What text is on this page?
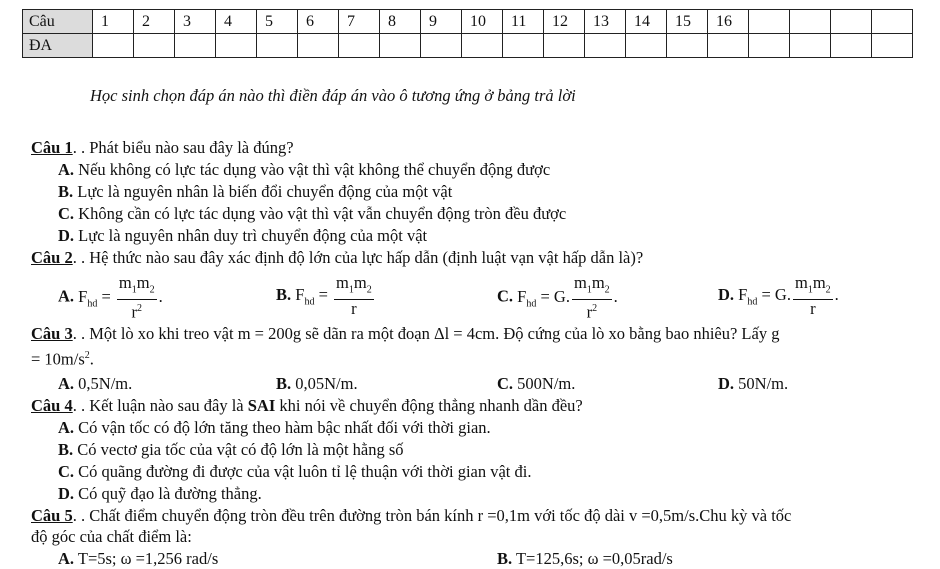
Câu	1	2	3	4	5	6	7	8	9	10	11	12	13	14	15	16				
ĐA																				
Học sinh chọn đáp án nào thì điền đáp án vào ô tương ứng ở bảng trả lời
Câu 1. . Phát biểu nào sau đây là đúng?
A. Nếu không có lực tác dụng vào vật thì vật không thể chuyển động được
B. Lực là nguyên nhân là biến đổi chuyển động của một vật
C. Không cần có lực tác dụng vào vật thì vật vẫn chuyển động tròn đều được
D. Lực là nguyên nhân duy trì chuyển động của một vật
Câu 2. . Hệ thức nào sau đây xác định độ lớn của lực hấp dẫn (định luật vạn vật hấp dẫn là)?
A. $F_{hd} = \frac{m_1m_2}{r^2}$ .	B. $F_{hd} = \frac{m_1m_2}{r}$	C. $F_{hd} = G$. $\frac{m_1m_2}{r^2}$ .	D. $F_{hd} = G$. $\frac{m_1m_2}{r}$ .
Câu 3. . Một lò xo khi treo vật m = 200g sẽ dãn ra một đoạn Δl = 4cm. Độ cứng của lò xo bằng bao nhiêu? Lấy g
= $10m/s^2$.
A. 0,5N/m.	B. 0,05N/m.	C. 500N/m.	D. 50N/m.
Câu 4. . Kết luận nào sau đây là SAI khi nói về chuyển động thẳng nhanh dần đều?
A. Có vận tốc có độ lớn tăng theo hàm bậc nhất đối với thời gian.
B. Có vectơ gia tốc của vật có độ lớn là một hằng số
C. Có quãng đường đi được của vật luôn tỉ lệ thuận với thời gian vật đi.
D. Có quỹ đạo là đường thẳng.
Câu 5. . Chất điểm chuyển động tròn đều trên đường tròn bán kính r =0,1m với tốc độ dài v =0,5m/s.Chu kỳ và tốc
độ góc của chất điểm là:
A. T=5s; ω =1,256 rad/s	B. T=125,6s; ω =0,05rad/s
